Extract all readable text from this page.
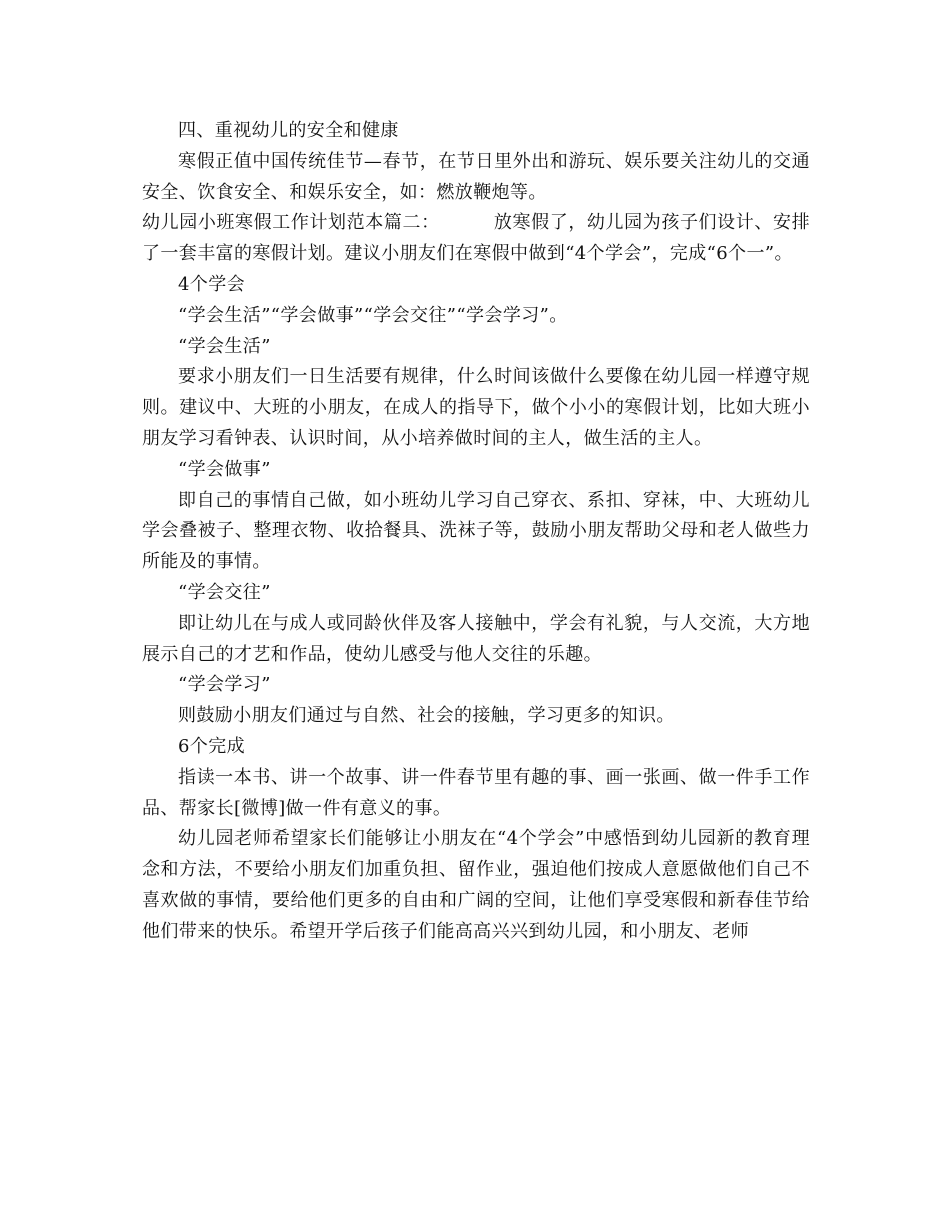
四、重视幼儿的安全和健康

寒假正值中国传统佳节—春节，在节日里外出和游玩、娱乐要关注幼儿的交通安全、饮食安全、和娱乐安全，如：燃放鞭炮等。

幼儿园小班寒假工作计划范本篇二：	放寒假了，幼儿园为孩子们设计、安排了一套丰富的寒假计划。建议小朋友们在寒假中做到“4个学会”，完成“6个一”。

4个学会

“学会生活”“学会做事”“学会交往”“学会学习”。

“学会生活”

要求小朋友们一日生活要有规律，什么时间该做什么要像在幼儿园一样遵守规则。建议中、大班的小朋友，在成人的指导下，做个小小的寒假计划，比如大班小朋友学习看钟表、认识时间，从小培养做时间的主人，做生活的主人。

“学会做事”

即自己的事情自己做，如小班幼儿学习自己穿衣、系扣、穿袜，中、大班幼儿学会叠被子、整理衣物、收拾餐具、洗袜子等，鼓励小朋友帮助父母和老人做些力所能及的事情。

“学会交往”

即让幼儿在与成人或同龄伙伴及客人接触中，学会有礼貌，与人交流，大方地展示自己的才艺和作品，使幼儿感受与他人交往的乐趣。

“学会学习”

则鼓励小朋友们通过与自然、社会的接触，学习更多的知识。

6个完成

指读一本书、讲一个故事、讲一件春节里有趣的事、画一张画、做一件手工作品、帮家长[微博]做一件有意义的事。

幼儿园老师希望家长们能够让小朋友在“4个学会”中感悟到幼儿园新的教育理念和方法，不要给小朋友们加重负担、留作业，强迫他们按成人意愿做他们自己不喜欢做的事情，要给他们更多的自由和广阔的空间，让他们享受寒假和新春佳节给他们带来的快乐。希望开学后孩子们能高高兴兴到幼儿园，和小朋友、老师
